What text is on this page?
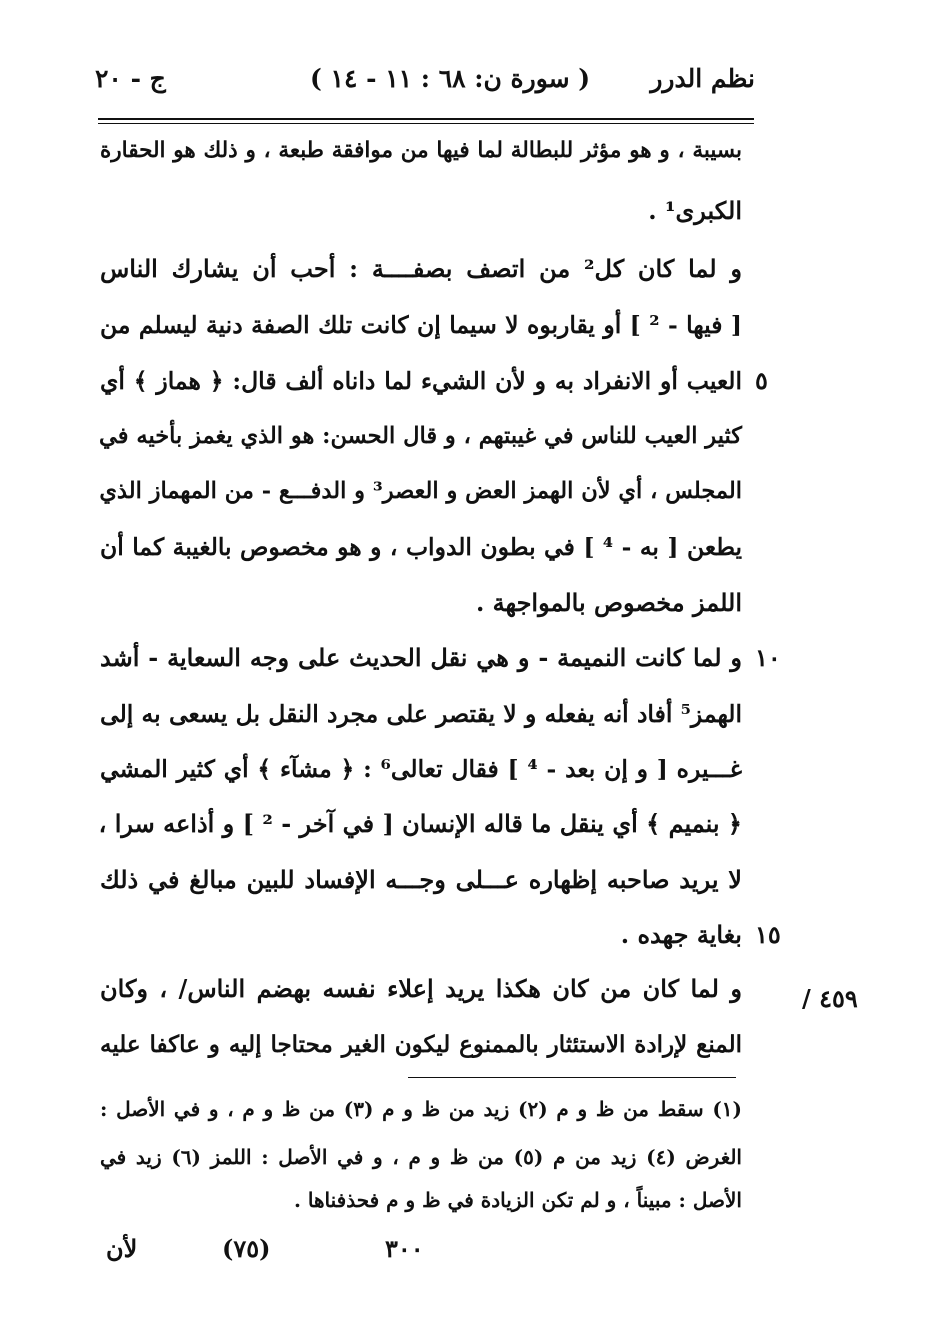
نظم الدرر
( سورة ن: ٦٨ : ١١ - ١٤ )
ج - ٢٠
بسيبة ، و هو مؤثر للبطالة لما فيها من موافقة طبعة ، و ذلك هو الحقارة
الكبرى¹ .
و لما كان كل² من اتصف بصفــــة : أحب أن يشارك الناس
[ فيها - ² ] أو يقاربوه لا سيما إن كانت تلك الصفة دنية ليسلم من
العيب أو الانفراد به و لأن الشيء لما داناه ألف قال: ﴿ هماز ﴾ أي ٥
كثير العيب للناس في غيبتهم ، و قال الحسن: هو الذي يغمز بأخيه في
المجلس ، أي لأن الهمز العض و العصر³ و الدفـــع - من المهماز الذي
يطعن [ به - ⁴ ] في بطون الدواب ، و هو مخصوص بالغيبة كما أن
اللمز مخصوص بالمواجهة .
و لما كانت النميمة - و هي نقل الحديث على وجه السعاية - أشد ١٠
الهمز⁵ أفاد أنه يفعله و لا يقتصر على مجرد النقل بل يسعى به إلى
غـــيره [ و إن بعد - ⁴ ] فقال تعالى⁶ : ﴿ مشآء ﴾ أي كثير المشي
﴿ بنميم ﴾ أي ينقل ما قاله الإنسان [ في آخر - ² ] و أذاعه سرا ،
لا يريد صاحبه إظهاره عـــلى وجـــه الإفساد للبين مبالغ في ذلك
بغاية جهده . ١٥
و لما كان من كان هكذا يريد إعلاء نفسه بهضم الناس/ ، وكان	٤٥٩ /
المنع لإرادة الاستئثار بالممنوع ليكون الغير محتاجا إليه و عاكفا عليه
(١) سقط من ظ و م (٢) زيد من ظ و م (٣) من ظ و م ، و في الأصل :
الغرض (٤) زيد من م (٥) من ظ و م ، و في الأصل : اللمز (٦) زيد في
الأصل : مبيناً ، و لم تكن الزيادة في ظ و م فحذفناها .
لأن	(٧٥)	٣٠٠
